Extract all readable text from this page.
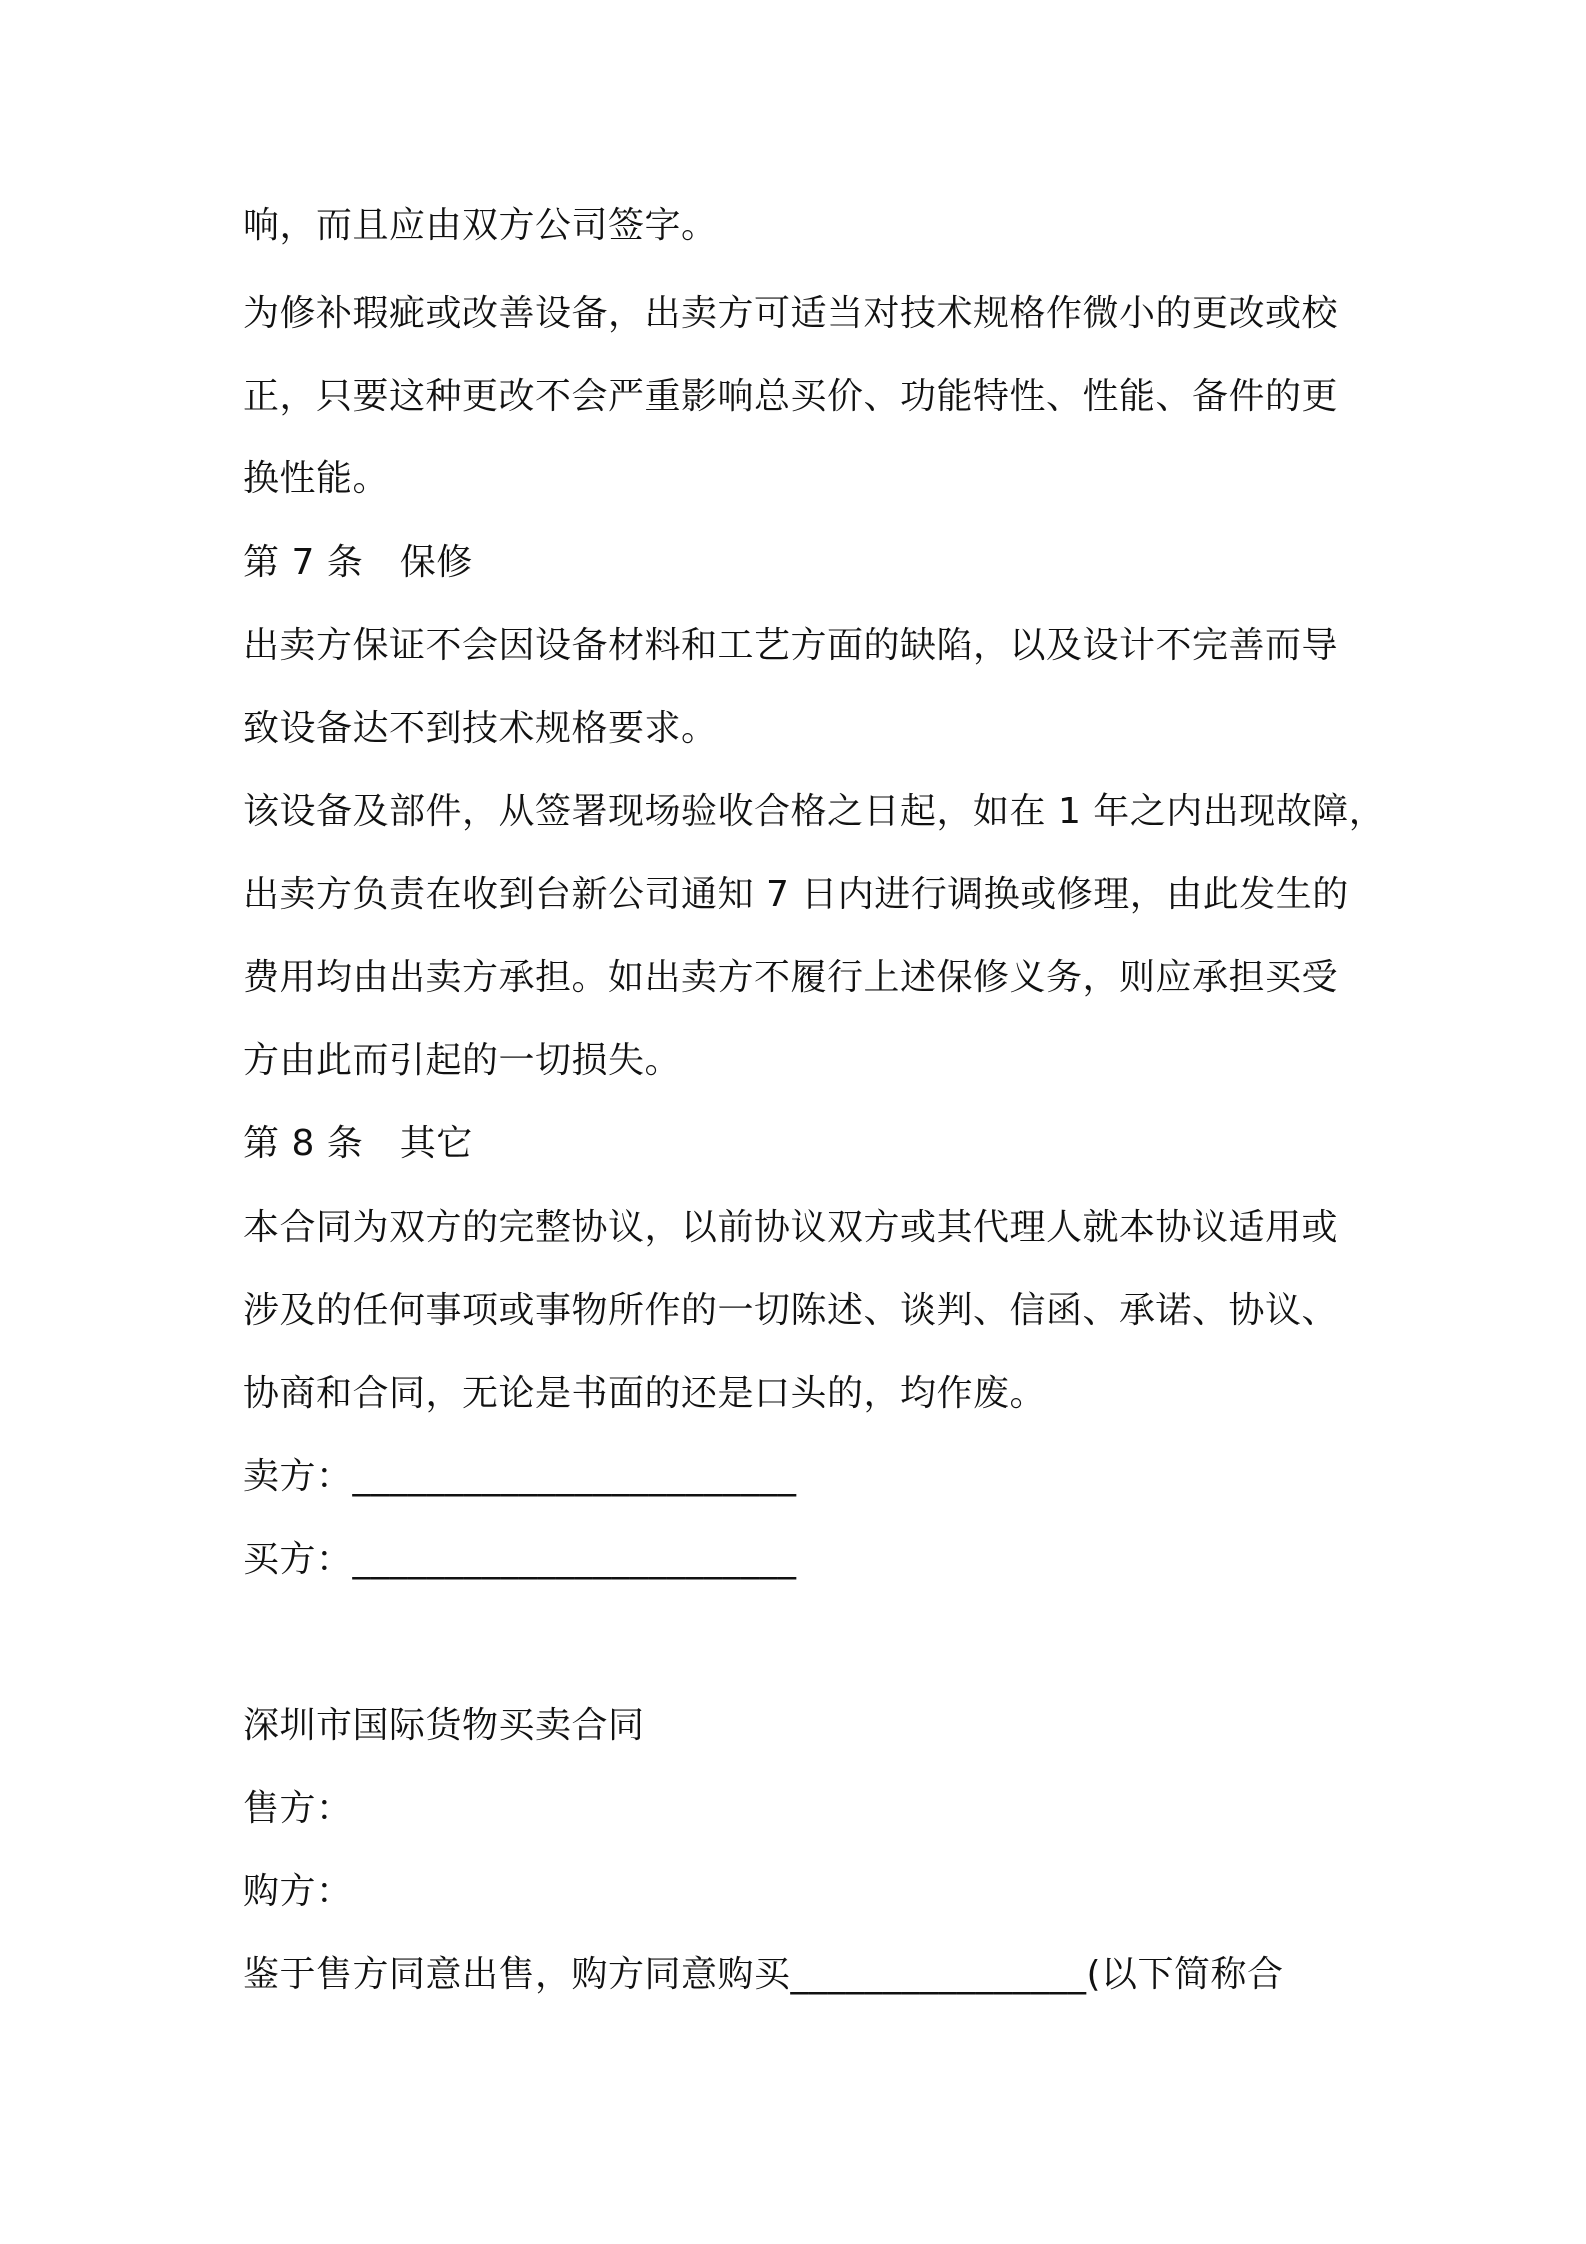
响，而且应由双方公司签字。
为修补瑕疵或改善设备，出卖方可适当对技术规格作微小的更改或校
正，只要这种更改不会严重影响总买价、功能特性、性能、备件的更
换性能。
第 7 条　保修
出卖方保证不会因设备材料和工艺方面的缺陷，以及设计不完善而导
致设备达不到技术规格要求。
该设备及部件，从签署现场验收合格之日起，如在 1 年之内出现故障，
出卖方负责在收到台新公司通知 7 日内进行调换或修理，由此发生的
费用均由出卖方承担。如出卖方不履行上述保修义务，则应承担买受
方由此而引起的一切损失。
第 8 条　其它
本合同为双方的完整协议，以前协议双方或其代理人就本协议适用或
涉及的任何事项或事物所作的一切陈述、谈判、信函、承诺、协议、
协商和合同，无论是书面的还是口头的，均作废。
卖方：________________________
买方：________________________
深圳市国际货物买卖合同
售方：
购方：
鉴于售方同意出售，购方同意购买________________(以下简称合
